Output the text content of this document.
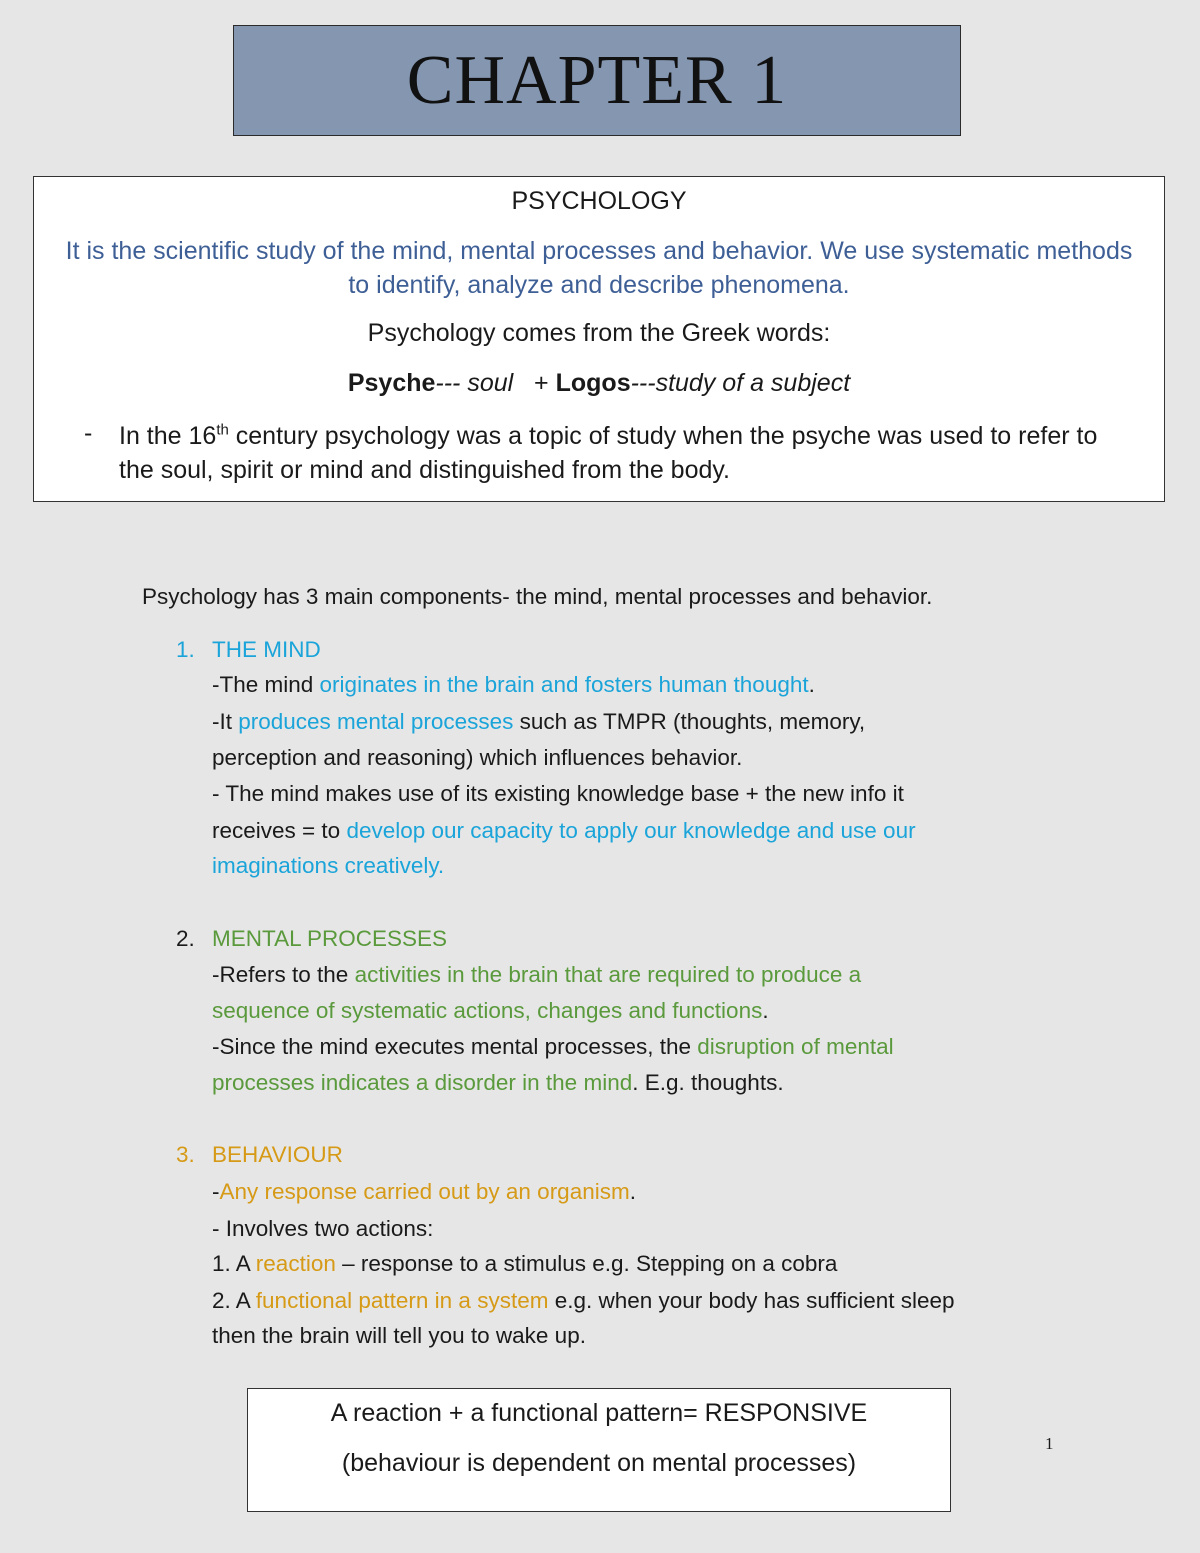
CHAPTER 1
PSYCHOLOGY
It is the scientific study of the mind, mental processes and behavior. We use systematic methods to identify, analyze and describe phenomena.
Psychology comes from the Greek words:
Psyche--- soul + Logos---study of a subject
- In the 16th century psychology was a topic of study when the psyche was used to refer to the soul, spirit or mind and distinguished from the body.
Psychology has 3 main components- the mind, mental processes and behavior.
1. THE MIND
-The mind originates in the brain and fosters human thought.
-It produces mental processes such as TMPR (thoughts, memory,
perception and reasoning) which influences behavior.
- The mind makes use of its existing knowledge base + the new info it
receives = to develop our capacity to apply our knowledge and use our
imaginations creatively.
2. MENTAL PROCESSES
-Refers to the activities in the brain that are required to produce a
sequence of systematic actions, changes and functions.
-Since the mind executes mental processes, the disruption of mental
processes indicates a disorder in the mind. E.g. thoughts.
3. BEHAVIOUR
-Any response carried out by an organism.
- Involves two actions:
1. A reaction – response to a stimulus e.g. Stepping on a cobra
2. A functional pattern in a system e.g. when your body has sufficient sleep
then the brain will tell you to wake up.
A reaction + a functional pattern= RESPONSIVE
(behaviour is dependent on mental processes)
1
